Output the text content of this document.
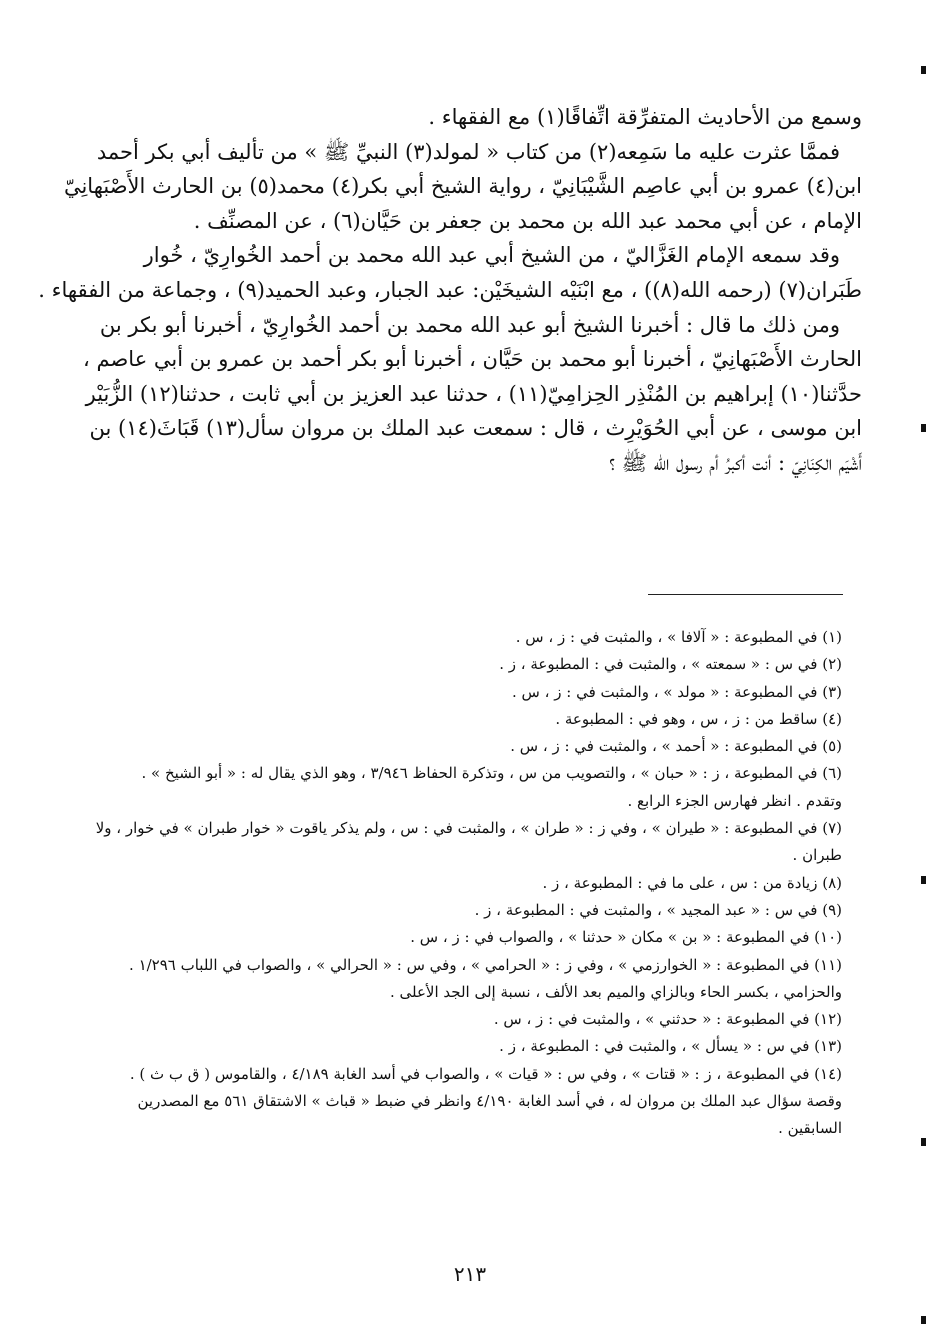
وسمع من الأحاديث المتفرِّقة اتِّفاقًا(١) مع الفقهاء .
فممَّا عثرت عليه ما سَمِعه(٢) من كتاب « لمولد(٣) النبيِّ ﷺ » من تأليف أبي بكر أحمد
ابن(٤) عمرو بن أبي عاصِم الشَّيْبَانِيّ ، رواية الشيخ أبي بكر(٤) محمد(٥) بن الحارث الأَصْبَهانِيّ
الإمام ، عن أبي محمد عبد الله بن محمد بن جعفر بن حَيَّان(٦) ، عن المصنِّف .
وقد سمعه الإمام الغَزَّاليّ ، من الشيخ أبي عبد الله محمد بن أحمد الخُوارِيّ ، خُوار
طَبَران(٧) (رحمه الله(٨)) ، مع ابْنَيْه الشيخَيْن: عبد الجبار، وعبد الحميد(٩) ، وجماعة من الفقهاء .
ومن ذلك ما قال : أخبرنا الشيخ أبو عبد الله محمد بن أحمد الخُوارِيّ ، أخبرنا أبو بكر بن
الحارث الأَصْبَهانِيّ ، أخبرنا أبو محمد بن حَيَّان ، أخبرنا أبو بكر أحمد بن عمرو بن أبي عاصم ،
حدَّثنا(١٠) إبراهيم بن المُنْذِر الحِزامِيّ(١١) ، حدثنا عبد العزيز بن أبي ثابت ، حدثنا(١٢) الزُّبَيْر
ابن موسى ، عن أبي الحُوَيْرِث ، قال : سمعت عبد الملك بن مروان سأل(١٣) قَبَاثَ(١٤) بن
أَشْيَم الكِنَانِيّ : أنت أكبرُ أم رسول الله ﷺ ؟
(١) في المطبوعة : « آلافا » ، والمثبت في : ز ، س .
(٢) في س : « سمعته » ، والمثبت في : المطبوعة ، ز .
(٣) في المطبوعة : « مولد » ، والمثبت في : ز ، س .
(٤) ساقط من : ز ، س ، وهو في : المطبوعة .
(٥) في المطبوعة : « أحمد » ، والمثبت في : ز ، س .
(٦) في المطبوعة ، ز : « حبان » ، والتصويب من س ، وتذكرة الحفاظ ٣/٩٤٦ ، وهو الذي يقال له : « أبو الشيخ » .
وتقدم . انظر فهارس الجزء الرابع .
(٧) في المطبوعة : « طيران » ، وفي ز : « طران » ، والمثبت في : س ، ولم يذكر ياقوت « خوار طبران » في خوار ، ولا
طبران .
(٨) زيادة من : س ، على ما في : المطبوعة ، ز .
(٩) في س : « عبد المجيد » ، والمثبت في : المطبوعة ، ز .
(١٠) في المطبوعة : « بن » مكان « حدثنا » ، والصواب في : ز ، س .
(١١) في المطبوعة : « الخوارزمي » ، وفي ز : « الحرامي » ، وفي س : « الحرالي » ، والصواب في اللباب ١/٢٩٦ .
والحزامي ، بكسر الحاء وبالزاي والميم بعد الألف ، نسبة إلى الجد الأعلى .
(١٢) في المطبوعة : « حدثني » ، والمثبت في : ز ، س .
(١٣) في س : « يسأل » ، والمثبت في : المطبوعة ، ز .
(١٤) في المطبوعة ، ز : « قتات » ، وفي س : « قيات » ، والصواب في أسد الغابة ٤/١٨٩ ، والقاموس ( ق ب ث ) .
وقصة سؤال عبد الملك بن مروان له ، في أسد الغابة ٤/١٩٠ وانظر في ضبط « قباث » الاشتقاق ٥٦١ مع المصدرين
السابقين .
٢١٣
